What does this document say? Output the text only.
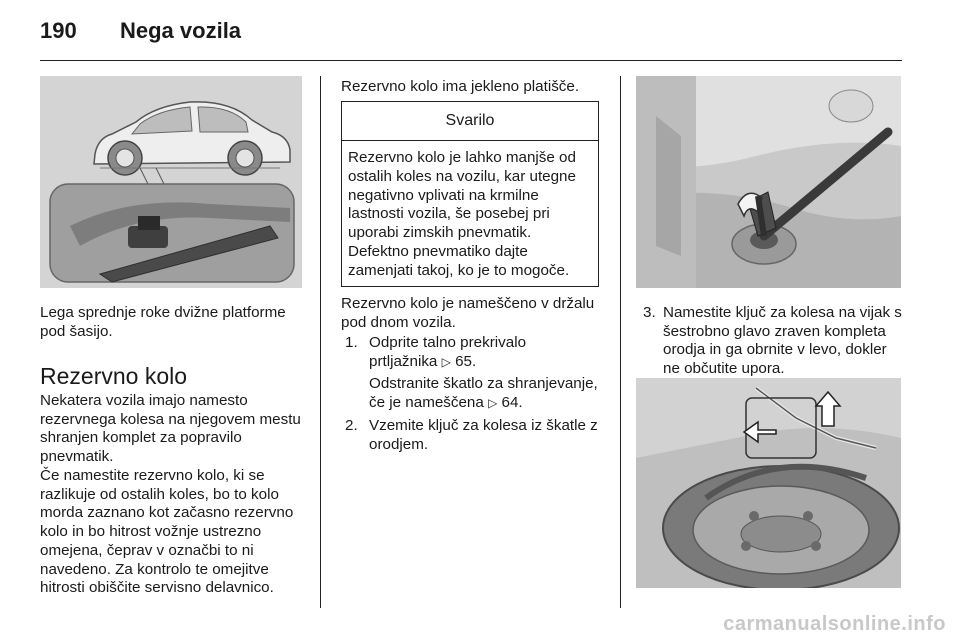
190 Nega vozila
Lega sprednje roke dvižne platforme pod šasijo.
Rezervno kolo
Nekatera vozila imajo namesto rezervnega kolesa na njegovem mestu shranjen komplet za popravilo pnevmatik.
Če namestite rezervno kolo, ki se razlikuje od ostalih koles, bo to kolo morda zaznano kot začasno rezervno kolo in bo hitrost vožnje ustrezno omejena, čeprav v označbi to ni navedeno. Za kontrolo te omejitve hitrosti obiščite servisno delavnico.
Rezervno kolo ima jekleno platišče.
Svarilo
Rezervno kolo je lahko manjše od ostalih koles na vozilu, kar utegne negativno vplivati na krmilne lastnosti vozila, še posebej pri uporabi zimskih pnevmatik. Defektno pnevmatiko dajte zamenjati takoj, ko je to mogoče.
Rezervno kolo je nameščeno v držalu pod dnom vozila.
1. Odprite talno prekrivalo
prtljažnika ▷ 65.
Odstranite škatlo za shranjevanje,
če je nameščena ▷ 64.
2. Vzemite ključ za kolesa iz škatle z orodjem.
3. Namestite ključ za kolesa na vijak s šestrobno glavo zraven kompleta orodja in ga obrnite v levo, dokler ne občutite upora.
carmanualsonline.info
